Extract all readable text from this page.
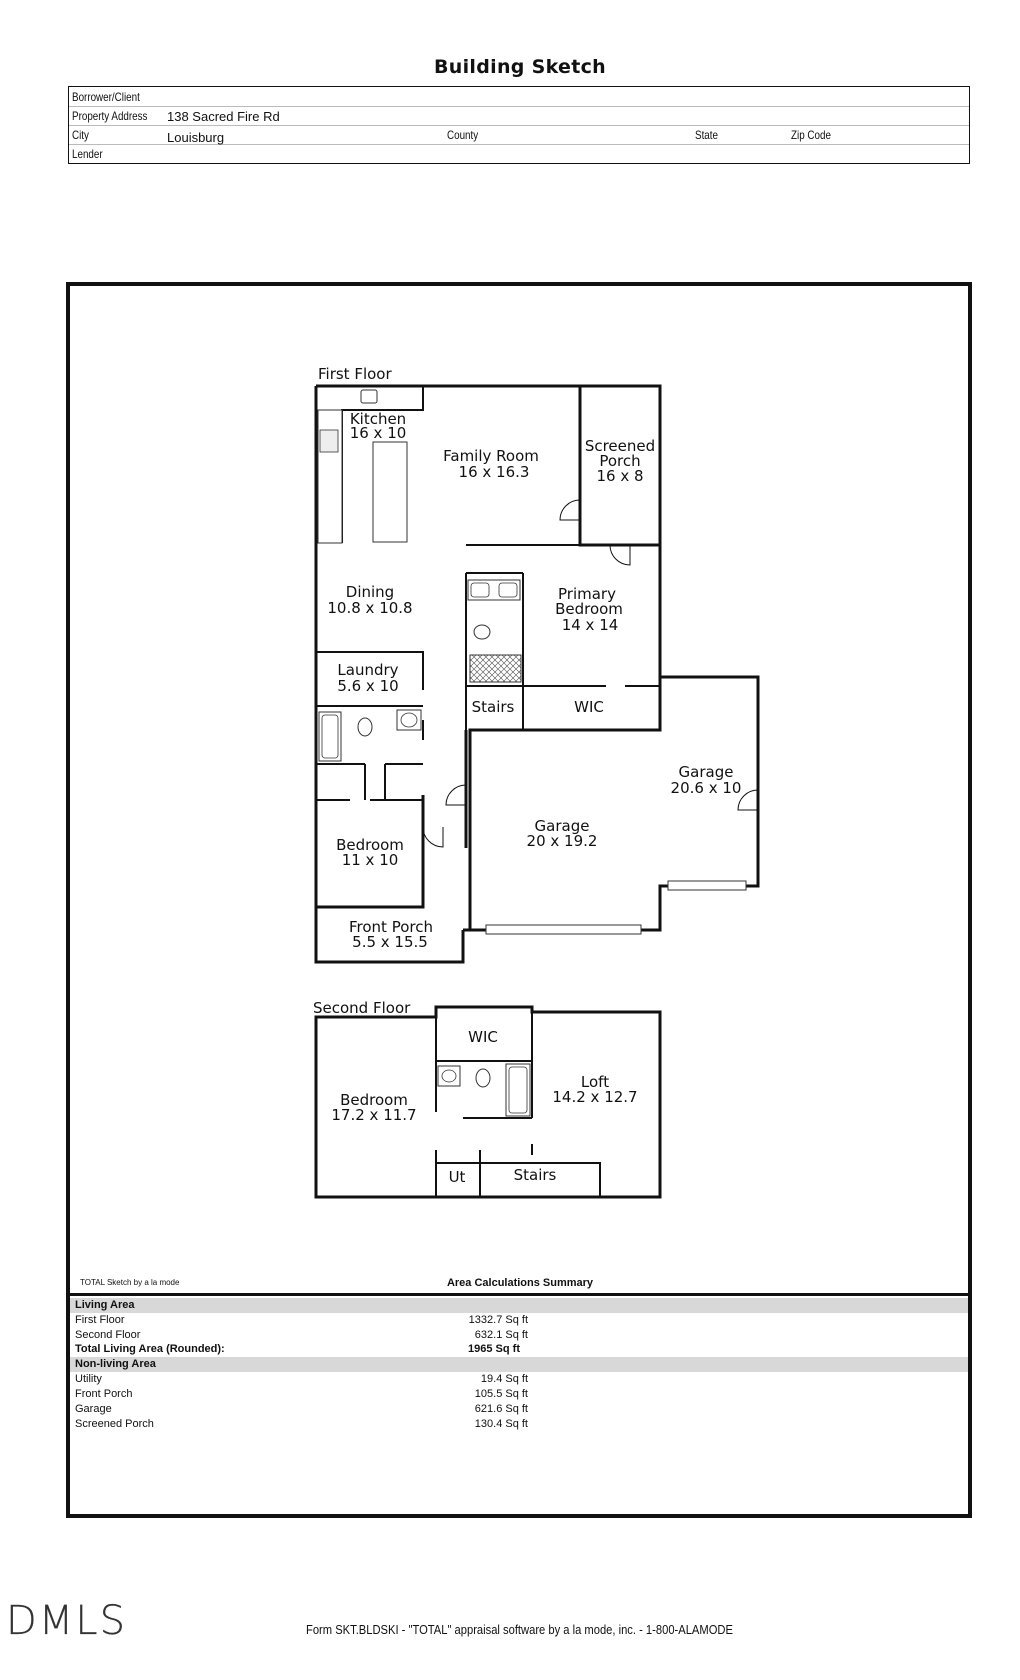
Building Sketch
Borrower/Client
Property Address 138 Sacred Fire Rd
City	Louisburg	County	State	Zip Code
Lender
First Floor
Kitchen
16 x 10
Family Room
16 x 16.3
Screened
Porch
16 x 8
Dining
10.8 x 10.8
Primary
Bedroom
14 x 14
Laundry
5.6 x 10
Stairs	WIC
Garage
20.6 x 10
Garage
20 x 19.2
Bedroom
11 x 10
Front Porch
5.5 x 15.5
Second Floor
WIC
Bedroom
17.2 x 11.7
Loft
14.2 x 12.7
Ut	Stairs
TOTAL Sketch by a la mode	Area Calculations Summary
Living Area
First Floor	1332.7 Sq ft
Second Floor	632.1 Sq ft
Total Living Area (Rounded):	1965 Sq ft
Non-living Area
Utility	19.4 Sq ft
Front Porch	105.5 Sq ft
Garage	621.6 Sq ft
Screened Porch	130.4 Sq ft
DMLS	Form SKT.BLDSKI - "TOTAL" appraisal software by a la mode, inc. - 1-800-ALAMODE
